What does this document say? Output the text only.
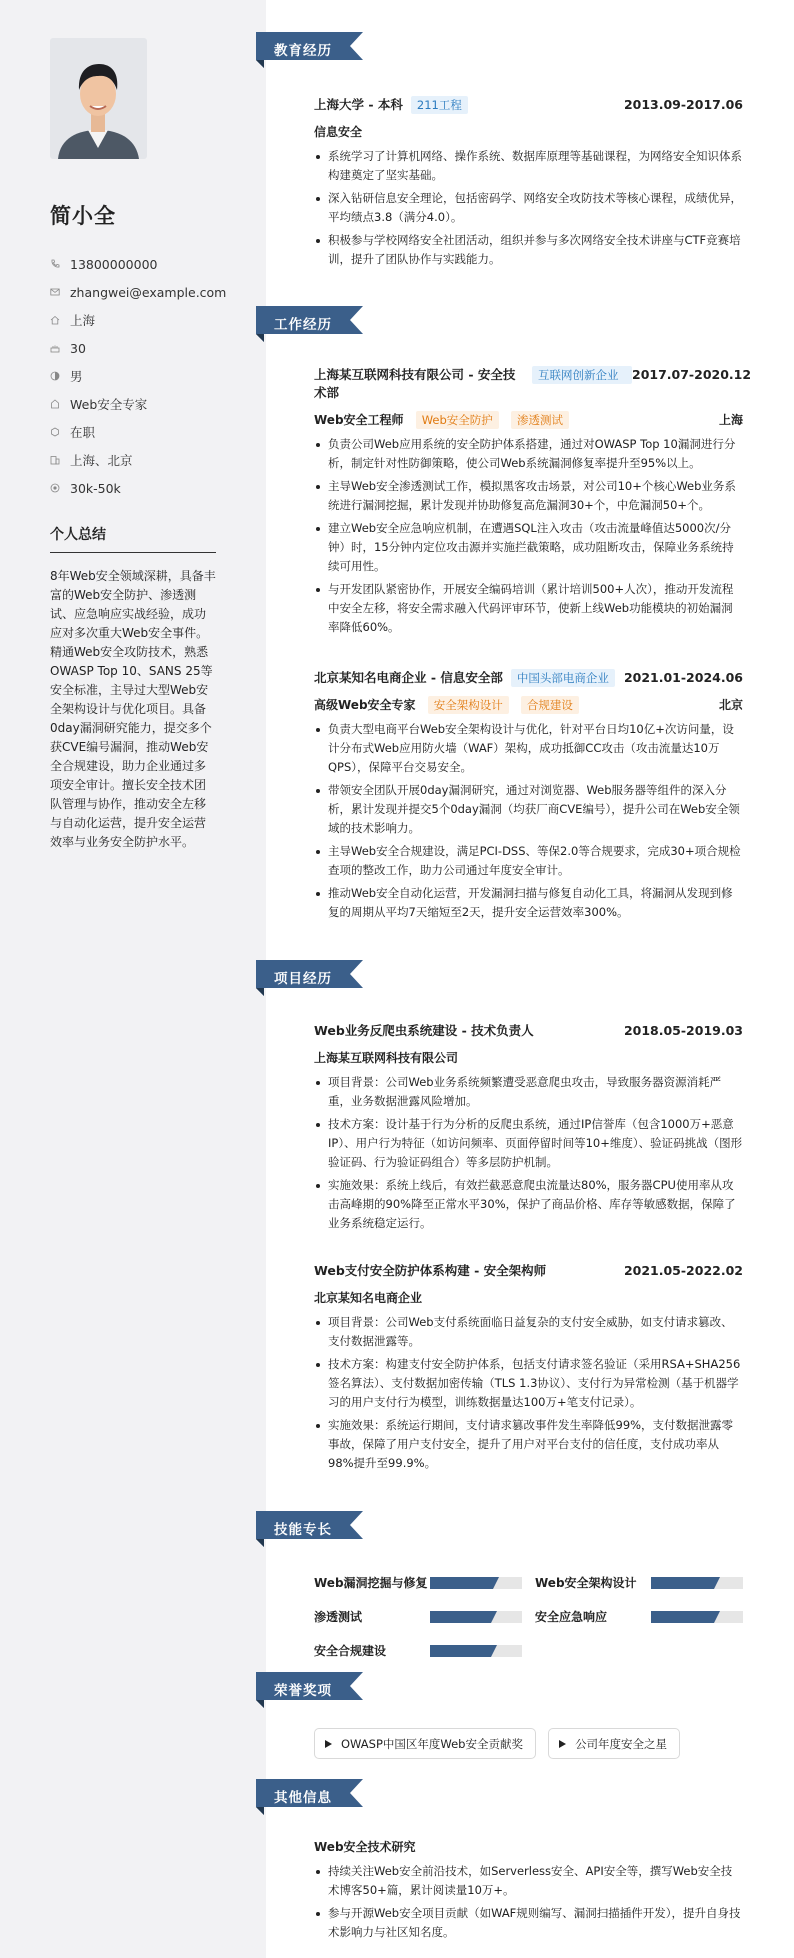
简小全
13800000000
zhangwei@example.com
上海
30
男
Web安全专家
在职
上海、北京
30k-50k
个人总结
8年Web安全领域深耕，具备丰富的Web安全防护、渗透测试、应急响应实战经验，成功应对多次重大Web安全事件。精通Web安全攻防技术，熟悉OWASP Top 10、SANS 25等安全标准，主导过大型Web安全架构设计与优化项目。具备0day漏洞研究能力，提交多个获CVE编号漏洞，推动Web安全合规建设，助力企业通过多项安全审计。擅长安全技术团队管理与协作，推动安全左移与自动化运营，提升安全运营效率与业务安全防护水平。
教育经历
上海大学 - 本科	211工程	2013.09-2017.06
信息安全
系统学习了计算机网络、操作系统、数据库原理等基础课程，为网络安全知识体系构建奠定了坚实基础。
深入钻研信息安全理论，包括密码学、网络安全攻防技术等核心课程，成绩优异，平均绩点3.8（满分4.0）。
积极参与学校网络安全社团活动，组织并参与多次网络安全技术讲座与CTF竞赛培训，提升了团队协作与实践能力。
工作经历
上海某互联网科技有限公司 - 安全技术部
互联网创新企业	2017.07-2020.12
Web安全工程师 Web安全防护 渗透测试	上海
负责公司Web应用系统的安全防护体系搭建，通过对OWASP Top 10漏洞进行分析，制定针对性防御策略，使公司Web系统漏洞修复率提升至95%以上。
主导Web安全渗透测试工作，模拟黑客攻击场景，对公司10+个核心Web业务系统进行漏洞挖掘，累计发现并协助修复高危漏洞30+个，中危漏洞50+个。
建立Web安全应急响应机制，在遭遇SQL注入攻击（攻击流量峰值达5000次/分钟）时，15分钟内定位攻击源并实施拦截策略，成功阻断攻击，保障业务系统持续可用性。
与开发团队紧密协作，开展安全编码培训（累计培训500+人次），推动开发流程中安全左移，将安全需求融入代码评审环节，使新上线Web功能模块的初始漏洞率降低60%。
北京某知名电商企业 - 信息安全部	中国头部电商企业	2021.01-2024.06
高级Web安全专家 安全架构设计 合规建设	北京
负责大型电商平台Web安全架构设计与优化，针对平台日均10亿+次访问量，设计分布式Web应用防火墙（WAF）架构，成功抵御CC攻击（攻击流量达10万QPS），保障平台交易安全。
带领安全团队开展0day漏洞研究，通过对浏览器、Web服务器等组件的深入分析，累计发现并提交5个0day漏洞（均获厂商CVE编号），提升公司在Web安全领域的技术影响力。
主导Web安全合规建设，满足PCI-DSS、等保2.0等合规要求，完成30+项合规检查项的整改工作，助力公司通过年度安全审计。
推动Web安全自动化运营，开发漏洞扫描与修复自动化工具，将漏洞从发现到修复的周期从平均7天缩短至2天，提升安全运营效率300%。
项目经历
Web业务反爬虫系统建设 - 技术负责人	2018.05-2019.03
上海某互联网科技有限公司
项目背景：公司Web业务系统频繁遭受恶意爬虫攻击，导致服务器资源消耗严重，业务数据泄露风险增加。
技术方案：设计基于行为分析的反爬虫系统，通过IP信誉库（包含1000万+恶意IP）、用户行为特征（如访问频率、页面停留时间等10+维度）、验证码挑战（图形验证码、行为验证码组合）等多层防护机制。
实施效果：系统上线后，有效拦截恶意爬虫流量达80%，服务器CPU使用率从攻击高峰期的90%降至正常水平30%，保护了商品价格、库存等敏感数据，保障了业务系统稳定运行。
Web支付安全防护体系构建 - 安全架构师	2021.05-2022.02
北京某知名电商企业
项目背景：公司Web支付系统面临日益复杂的支付安全威胁，如支付请求篡改、支付数据泄露等。
技术方案：构建支付安全防护体系，包括支付请求签名验证（采用RSA+SHA256签名算法）、支付数据加密传输（TLS 1.3协议）、支付行为异常检测（基于机器学习的用户支付行为模型，训练数据量达100万+笔支付记录）。
实施效果：系统运行期间，支付请求篡改事件发生率降低99%，支付数据泄露零事故，保障了用户支付安全，提升了用户对平台支付的信任度，支付成功率从98%提升至99.9%。
技能专长
Web漏洞挖掘与修复	Web安全架构设计
渗透测试	安全应急响应
安全合规建设
荣誉奖项
OWASP中国区年度Web安全贡献奖
	公司年度安全之星
其他信息
Web安全技术研究
持续关注Web安全前沿技术，如Serverless安全、API安全等，撰写Web安全技术博客50+篇，累计阅读量10万+。
参与开源Web安全项目贡献（如WAF规则编写、漏洞扫描插件开发），提升自身技术影响力与社区知名度。
